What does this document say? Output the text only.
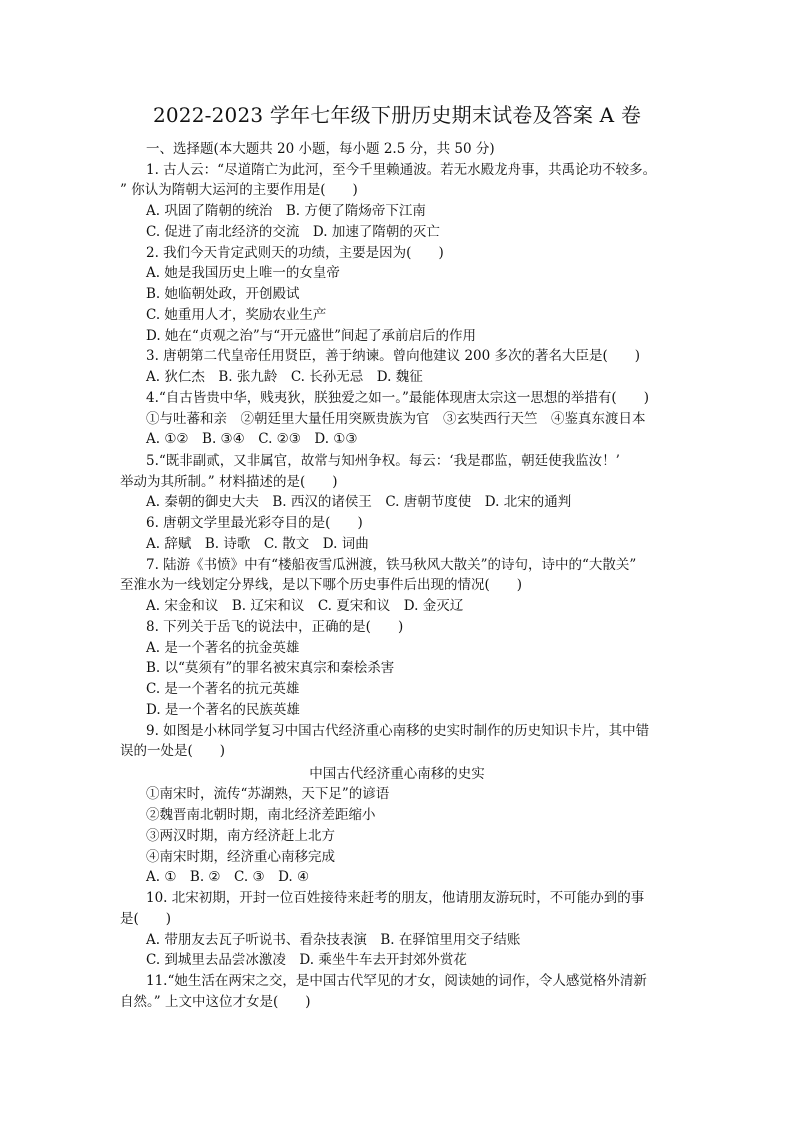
2022-2023 学年七年级下册历史期末试卷及答案 A 卷
一、选择题(本大题共 20 小题，每小题 2.5 分，共 50 分)
1. 古人云：“尽道隋亡为此河，至今千里赖通波。若无水殿龙舟事，共禹论功不较多。
” 你认为隋朝大运河的主要作用是(　　)
A. 巩固了隋朝的统治　B. 方便了隋炀帝下江南
C. 促进了南北经济的交流　D. 加速了隋朝的灭亡
2. 我们今天肯定武则天的功绩，主要是因为(　　)
A. 她是我国历史上唯一的女皇帝
B. 她临朝处政，开创殿试
C. 她重用人才，奖励农业生产
D. 她在“贞观之治”与“开元盛世”间起了承前启后的作用
3. 唐朝第二代皇帝任用贤臣，善于纳谏。曾向他建议 200 多次的著名大臣是(　　)
A. 狄仁杰　B. 张九龄　C. 长孙无忌　D. 魏征
4.“自古皆贵中华，贱夷狄，朕独爱之如一。”最能体现唐太宗这一思想的举措有(　　)
①与吐蕃和亲　②朝廷里大量任用突厥贵族为官　③玄奘西行天竺　④鉴真东渡日本
A. ①②　B. ③④　C. ②③　D. ①③
5.“既非副贰，又非属官，故常与知州争权。每云：‘我是郡监，朝廷使我监汝！’
举动为其所制。” 材料描述的是(　　)
A. 秦朝的御史大夫　B. 西汉的诸侯王　C. 唐朝节度使　D. 北宋的通判
6. 唐朝文学里最光彩夺目的是(　　)
A. 辞赋　B. 诗歌　C. 散文　D. 词曲
7. 陆游《书愤》中有“楼船夜雪瓜洲渡，铁马秋风大散关”的诗句，诗中的“大散关”
至淮水为一线划定分界线，是以下哪个历史事件后出现的情况(　　)
A. 宋金和议　B. 辽宋和议　C. 夏宋和议　D. 金灭辽
8. 下列关于岳飞的说法中，正确的是(　　)
A. 是一个著名的抗金英雄
B. 以“莫须有”的罪名被宋真宗和秦桧杀害
C. 是一个著名的抗元英雄
D. 是一个著名的民族英雄
9. 如图是小林同学复习中国古代经济重心南移的史实时制作的历史知识卡片，其中错
误的一处是(　　)
中国古代经济重心南移的史实
①南宋时，流传“苏湖熟，天下足”的谚语
②魏晋南北朝时期，南北经济差距缩小
③两汉时期，南方经济赶上北方
④南宋时期，经济重心南移完成
A. ①　B. ②　C. ③　D. ④
10. 北宋初期，开封一位百姓接待来赶考的朋友，他请朋友游玩时，不可能办到的事
是(　　)
A. 带朋友去瓦子听说书、看杂技表演　B. 在驿馆里用交子结账
C. 到城里去品尝冰激凌　D. 乘坐牛车去开封郊外赏花
11.“她生活在两宋之交，是中国古代罕见的才女，阅读她的词作，令人感觉格外清新
自然。” 上文中这位才女是(　　)
